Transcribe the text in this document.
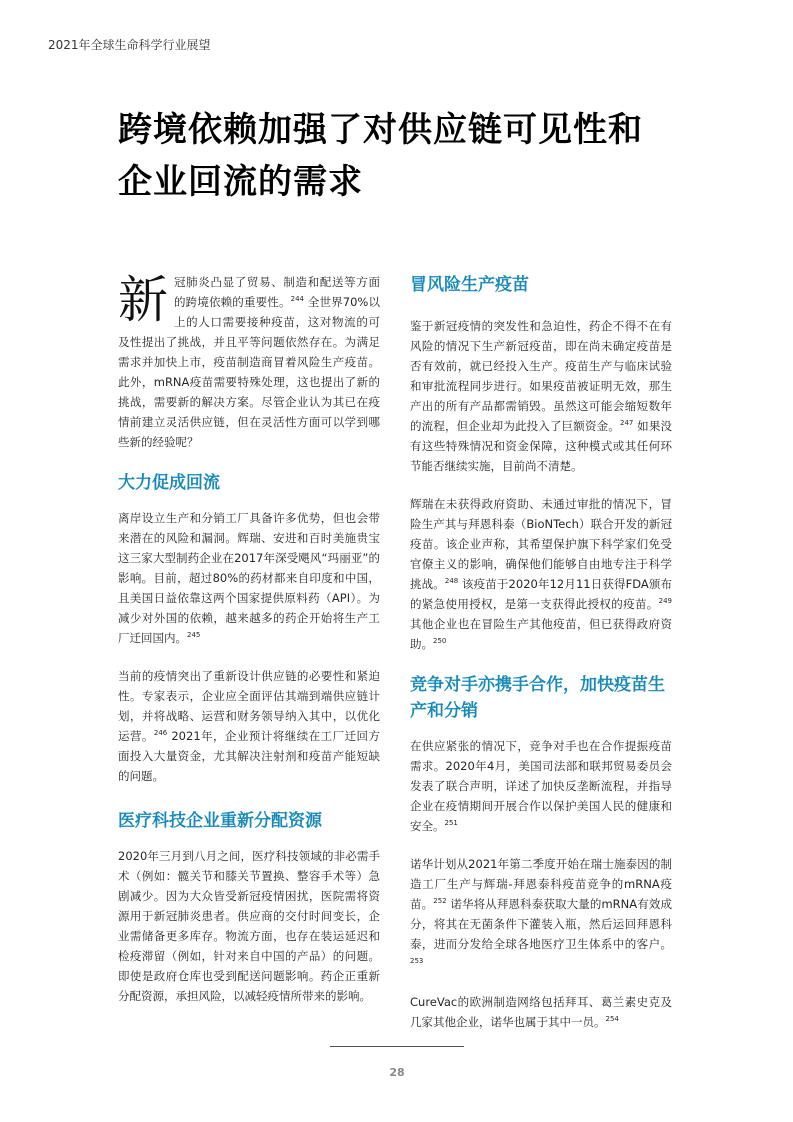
2021年全球生命科学行业展望
跨境依赖加强了对供应链可见性和
企业回流的需求

新冠肺炎凸显了贸易、制造和配送等方面的跨境依赖的重要性。$^{244}$ 全世界70%以上的人口需要接种疫苗，这对物流的可及性提出了挑战，并且平等问题依然存在。为满足需求并加快上市，疫苗制造商冒着风险生产疫苗。此外，mRNA疫苗需要特殊处理，这也提出了新的挑战，需要新的解决方案。尽管企业认为其已在疫情前建立灵活供应链，但在灵活性方面可以学到哪些新的经验呢？

大力促成回流

离岸设立生产和分销工厂具备许多优势，但也会带来潜在的风险和漏洞。辉瑞、安进和百时美施贵宝这三家大型制药企业在2017年深受飓风“玛丽亚”的影响。目前，超过80%的药材都来自印度和中国，且美国日益依靠这两个国家提供原料药（API）。为减少对外国的依赖，越来越多的药企开始将生产工厂迁回国内。$^{245}$

当前的疫情突出了重新设计供应链的必要性和紧迫性。专家表示，企业应全面评估其端到端供应链计划，并将战略、运营和财务领导纳入其中，以优化运营。$^{246}$ 2021年，企业预计将继续在工厂迁回方面投入大量资金，尤其解决注射剂和疫苗产能短缺的问题。

医疗科技企业重新分配资源

2020年三月到八月之间，医疗科技领域的非必需手术（例如：髋关节和膝关节置换、整容手术等）急剧减少。因为大众皆受新冠疫情困扰，医院需将资源用于新冠肺炎患者。供应商的交付时间变长，企业需储备更多库存。物流方面，也存在装运延迟和检疫滞留（例如，针对来自中国的产品）的问题。即使是政府仓库也受到配送问题影响。药企正重新分配资源，承担风险，以减轻疫情所带来的影响。

冒风险生产疫苗

鉴于新冠疫情的突发性和急迫性，药企不得不在有风险的情况下生产新冠疫苗，即在尚未确定疫苗是否有效前，就已经投入生产。疫苗生产与临床试验和审批流程同步进行。如果疫苗被证明无效，那生产出的所有产品都需销毁。虽然这可能会缩短数年的流程，但企业却为此投入了巨额资金。$^{247}$ 如果没有这些特殊情况和资金保障，这种模式或其任何环节能否继续实施，目前尚不清楚。

辉瑞在未获得政府资助、未通过审批的情况下，冒险生产其与拜恩科泰（BioNTech）联合开发的新冠疫苗。该企业声称，其希望保护旗下科学家们免受官僚主义的影响，确保他们能够自由地专注于科学挑战。$^{248}$ 该疫苗于2020年12月11日获得FDA颁布的紧急使用授权，是第一支获得此授权的疫苗。$^{249}$ 其他企业也在冒险生产其他疫苗，但已获得政府资助。$^{250}$

竞争对手亦携手合作，加快疫苗生产和分销

在供应紧张的情况下，竞争对手也在合作提振疫苗需求。2020年4月，美国司法部和联邦贸易委员会发表了联合声明，详述了加快反垄断流程，并指导企业在疫情期间开展合作以保护美国人民的健康和安全。$^{251}$

诺华计划从2021年第二季度开始在瑞士施泰因的制造工厂生产与辉瑞-拜恩泰科疫苗竞争的mRNA疫苗。$^{252}$ 诺华将从拜恩科泰获取大量的mRNA有效成分，将其在无菌条件下灌装入瓶，然后运回拜恩科泰，进而分发给全球各地医疗卫生体系中的客户。$^{253}$

CureVac的欧洲制造网络包括拜耳、葛兰素史克及几家其他企业，诺华也属于其中一员。$^{254}$

28
